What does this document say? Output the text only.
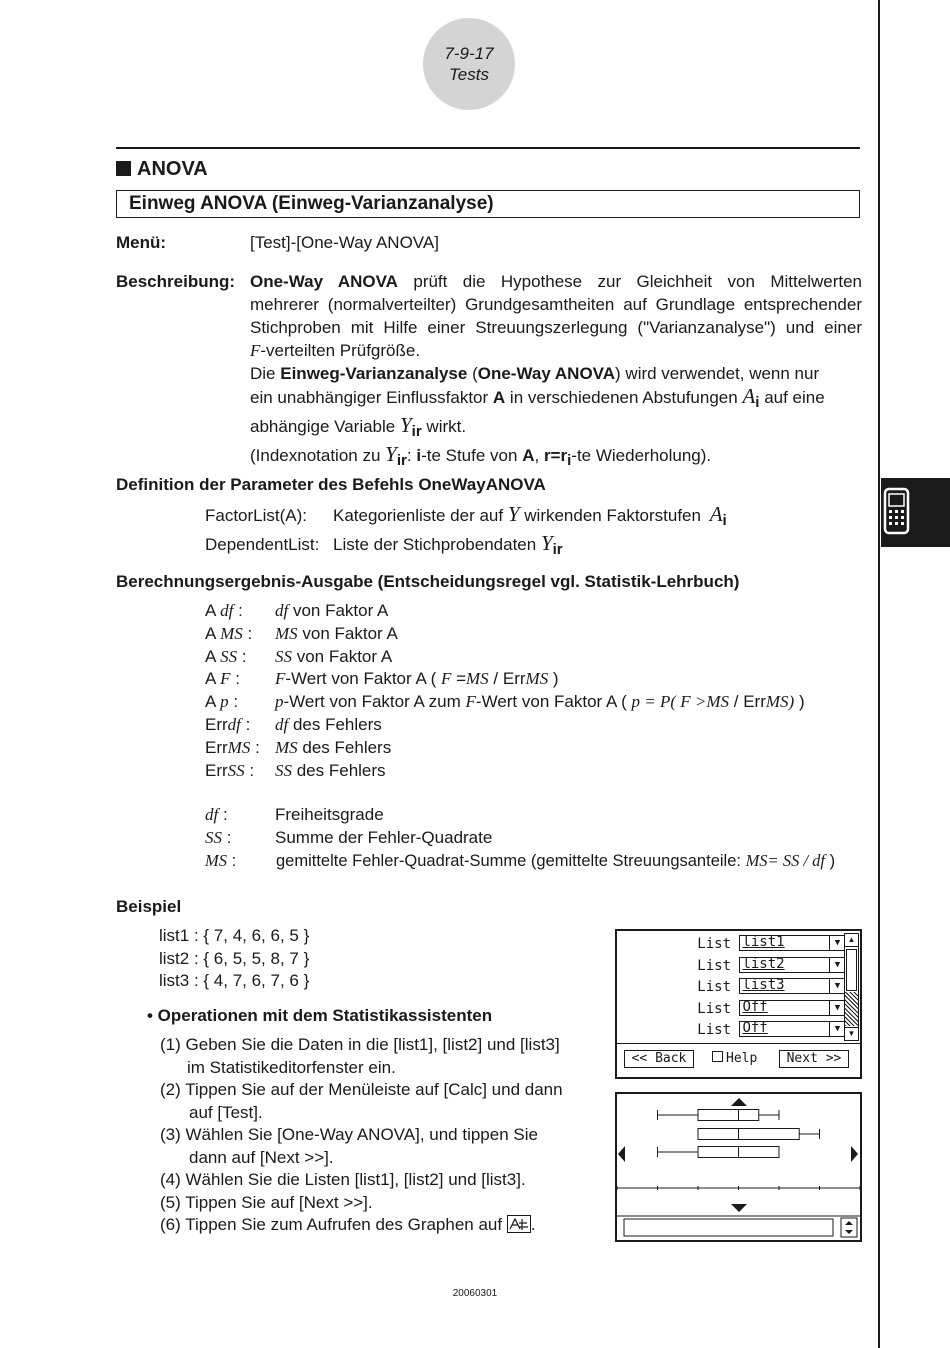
7-9-17
Tests
ANOVA
Einweg ANOVA (Einweg-Varianzanalyse)
Menü:	[Test]-[One-Way ANOVA]
Beschreibung: One-Way ANOVA prüft die Hypothese zur Gleichheit von Mittelwerten

mehrerer (normalverteilter) Grundgesamtheiten auf Grundlage entsprechender

Stichproben mit Hilfe einer Streuungszerlegung ("Varianzanalyse") und einer

F-verteilten Prüfgröße.

Die Einweg-Varianzanalyse (One-Way ANOVA) wird verwendet, wenn nur

ein unabhängiger Einflussfaktor A in verschiedenen Abstufungen Ai auf eine

abhängige Variable Yir wirkt.

(Indexnotation zu Yir: i-te Stufe von A, r=ri-te Wiederholung).

Definition der Parameter des Befehls OneWayANOVA
FactorList(A): Kategorienliste der auf Y wirkenden Faktorstufen Ai
DependentList: Liste der Stichprobendaten Yir
Berechnungsergebnis-Ausgabe (Entscheidungsregel vgl. Statistik-Lehrbuch)
A df : df von Faktor A
A MS : MS von Faktor A
A SS : SS von Faktor A
A F : F-Wert von Faktor A ( F =MS / ErrMS )
A p : p-Wert von Faktor A zum F-Wert von Faktor A ( p = P( F >MS / ErrMS) )
Errdf : df des Fehlers
ErrMS : MS des Fehlers
ErrSS : SS des Fehlers
df :	Freiheitsgrade
SS :	Summe der Fehler-Quadrate
MS : gemittelte Fehler-Quadrat-Summe (gemittelte Streuungsanteile: MS= SS / df )
Beispiel
list1 : { 7, 4, 6, 6, 5 }
list2 : { 6, 5, 5, 8, 7 }
list3 : { 4, 7, 6, 7, 6 }
• Operationen mit dem Statistikassistenten
(1) Geben Sie die Daten in die [list1], [list2] und [list3]
im Statistikeditorfenster ein.
(2) Tippen Sie auf der Menüleiste auf [Calc] und dann
auf [Test].
(3) Wählen Sie [One-Way ANOVA], und tippen Sie
dann auf [Next >>].
(4) Wählen Sie die Listen [list1], [list2] und [list3].
(5) Tippen Sie auf [Next >>].
(6) Tippen Sie zum Aufrufen des Graphen auf .
List list1	▼
List list2	▼
List list3	▼
List Off	▼
List Off	▼
▲
▼
<< Back	Help	Next >>
20060301
